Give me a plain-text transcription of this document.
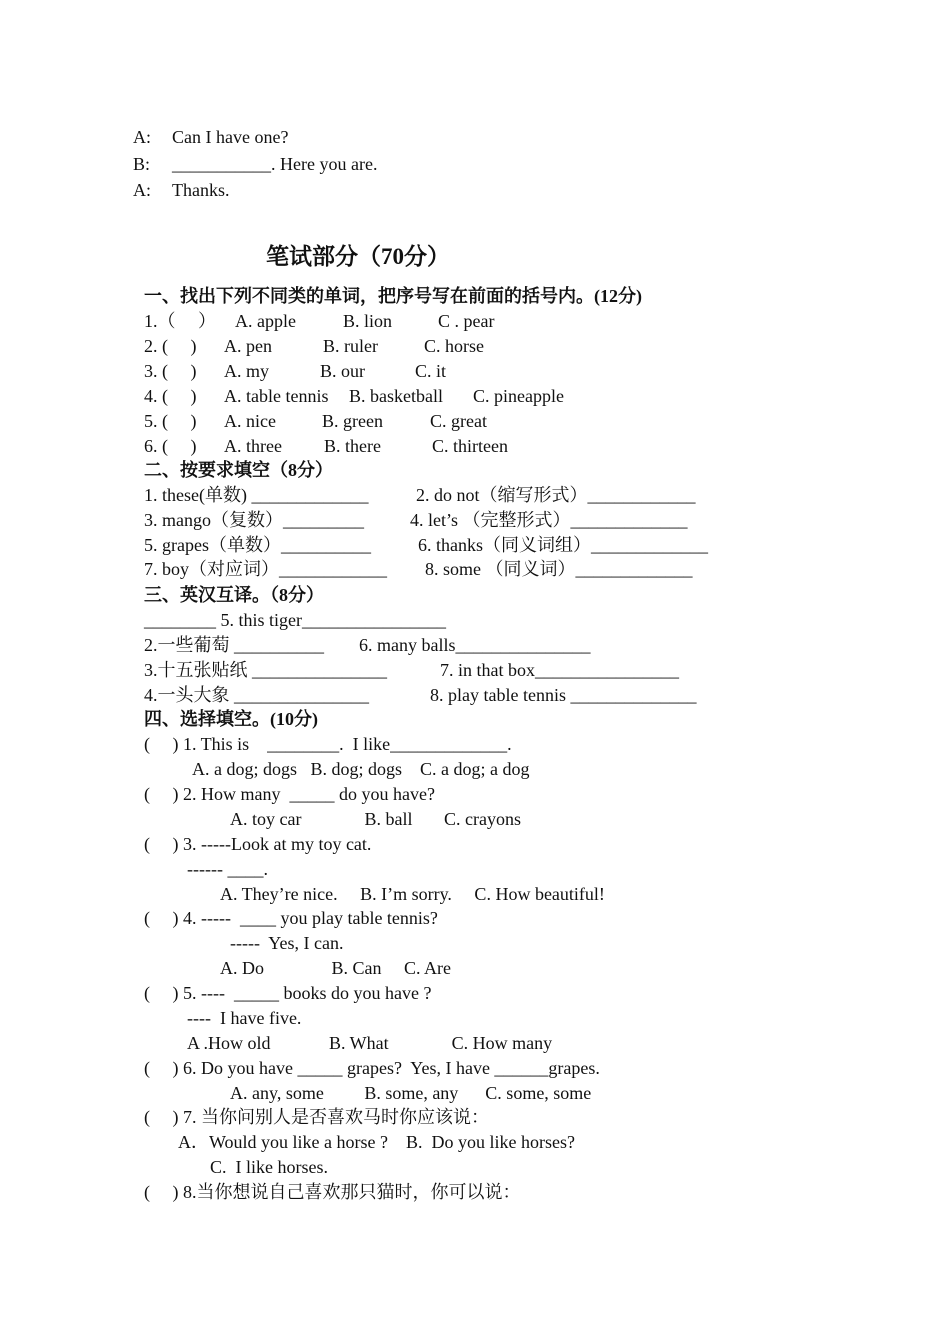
A: Can I have one?
B: ___________. Here you are.
A: Thanks.
笔试部分（70分）
一、找出下列不同类的单词，把序号写在前面的括号内。(12分)
1.（　 ） A. apple	B. lion	C . pear
2. (　 ) A. pen	B. ruler	C. horse
3. (　 ) A. my	B. our	C. it
4. (　 ) A. table tennis B. basketball C. pineapple
5. (　 ) A. nice	B. green	C. great
6. (　 ) A. three B. there	C. thirteen
二、按要求填空（8分）
1. these(单数) _____________	2. do not（缩写形式）____________
3. mango（复数）_________	4. let’s （完整形式）_____________
5. grapes（单数）__________	6. thanks（同义词组）_____________
7. boy（对应词）____________ 8. some （同义词）_____________
三、英汉互译。（8分）
________ 5. this tiger________________
2.一些葡萄 __________ 6. many balls_______________
3.十五张贴纸 _______________	7. in that box________________
4.一头大象 _______________	8. play table tennis ______________
四、选择填空。(10分)
(　 ) 1. This is　________.  I like_____________.
A. a dog; dogs   B. dog; dogs    C. a dog; a dog
(　 ) 2. How many  _____ do you have?
A. toy car              B. ball       C. crayons
(　 ) 3. -----Look at my toy cat.
------ ____.
A. They’re nice.     B. I’m sorry.     C. How beautiful!
(　 ) 4. -----  ____ you play table tennis?
-----  Yes, I can.
A. Do               B. Can     C. Are
(　 ) 5. ----  _____ books do you have ?
----  I have five.
A .How old             B. What              C. How many
(　 ) 6. Do you have _____ grapes?  Yes, I have ______grapes.
A. any, some         B. some, any      C. some, some
(　 ) 7. 当你问别人是否喜欢马时你应该说：
A．Would you like a horse ?    B.  Do you like horses?
C.  I like horses.
(　 ) 8.当你想说自己喜欢那只猫时，你可以说：
